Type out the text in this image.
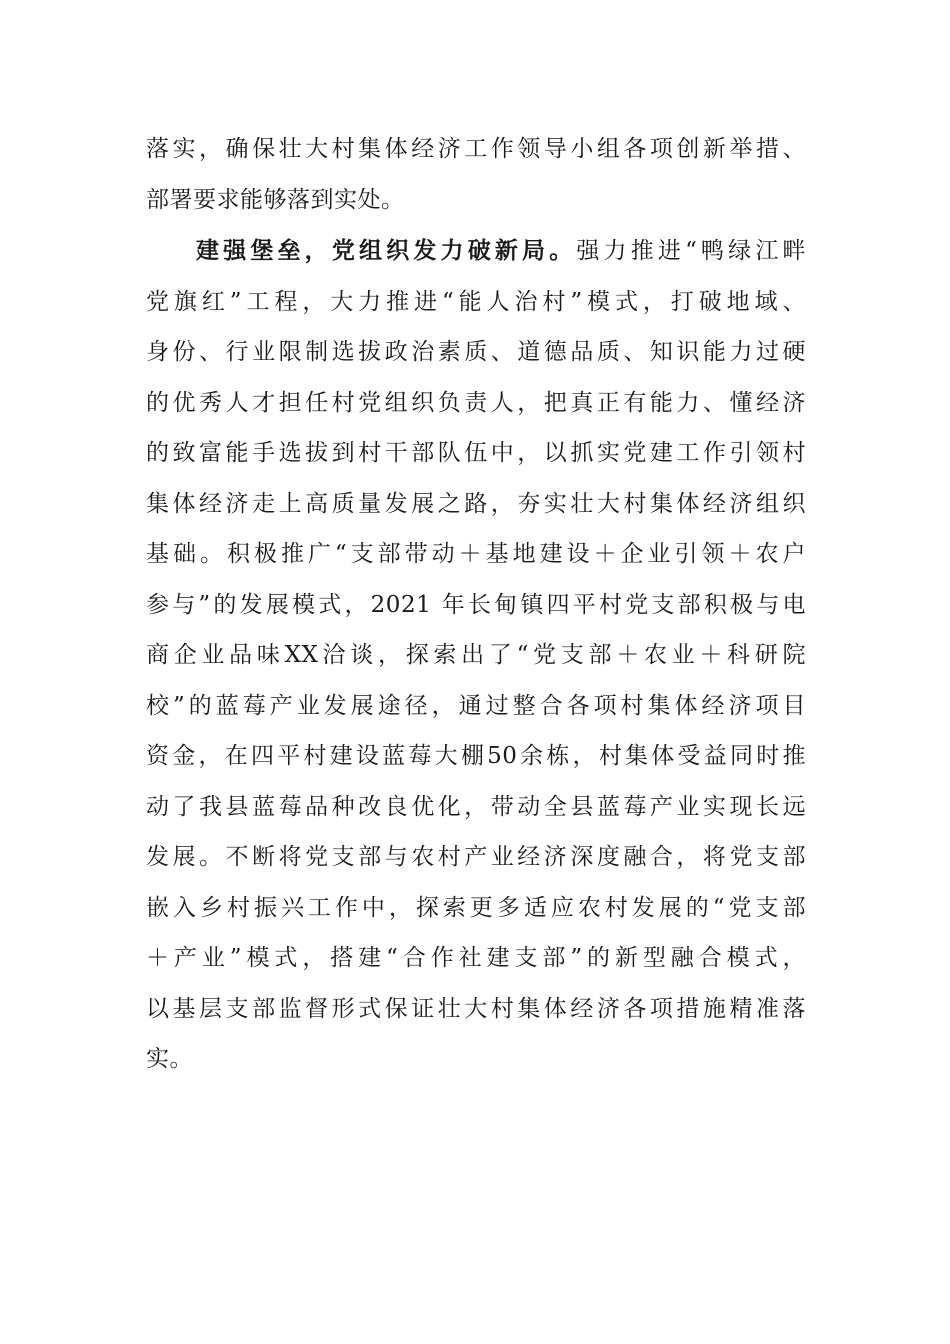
落实，确保壮大村集体经济工作领导小组各项创新举措、
部署要求能够落到实处。
建强堡垒，党组织发力破新局。强力推进“鸭绿江畔
党旗红”工程，大力推进“能人治村”模式，打破地域、
身份、行业限制选拔政治素质、道德品质、知识能力过硬
的优秀人才担任村党组织负责人，把真正有能力、懂经济
的致富能手选拔到村干部队伍中，以抓实党建工作引领村
集体经济走上高质量发展之路，夯实壮大村集体经济组织
基础。积极推广“支部带动＋基地建设＋企业引领＋农户
参与”的发展模式，2021 年长甸镇四平村党支部积极与电
商企业品味XX洽谈，探索出了“党支部＋农业＋科研院
校”的蓝莓产业发展途径，通过整合各项村集体经济项目
资金，在四平村建设蓝莓大棚50余栋，村集体受益同时推
动了我县蓝莓品种改良优化，带动全县蓝莓产业实现长远
发展。不断将党支部与农村产业经济深度融合，将党支部
嵌入乡村振兴工作中，探索更多适应农村发展的“党支部
＋产业”模式，搭建“合作社建支部”的新型融合模式，
以基层支部监督形式保证壮大村集体经济各项措施精准落
实。
